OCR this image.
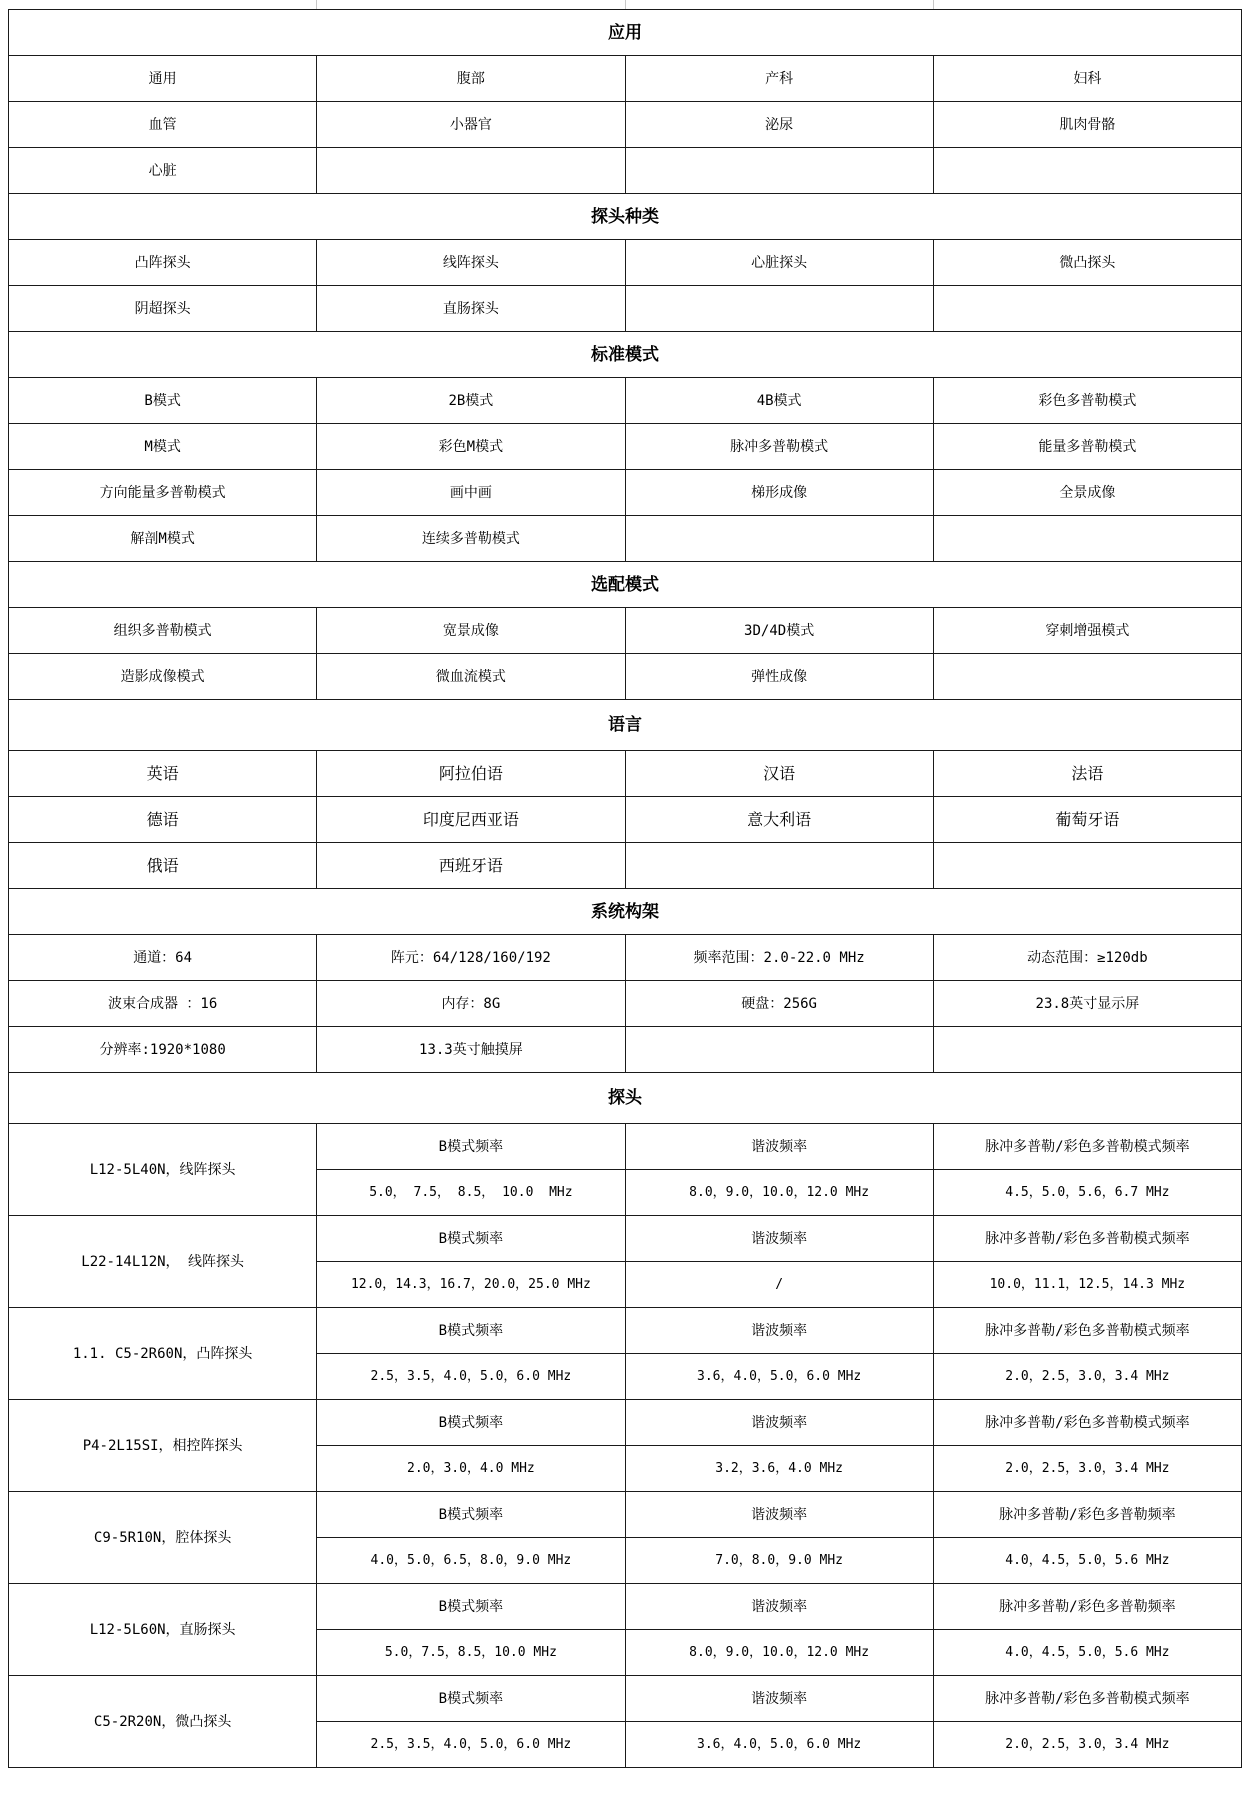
应用			
通用	腹部	产科	妇科
血管	小器官	泌尿	肌肉骨骼
心脏			
探头种类			
凸阵探头	线阵探头	心脏探头	微凸探头
阴超探头	直肠探头		
标准模式			
B模式	2B模式	4B模式	彩色多普勒模式
M模式	彩色M模式	脉冲多普勒模式	能量多普勒模式
方向能量多普勒模式	画中画	梯形成像	全景成像
解剖M模式	连续多普勒模式		
选配模式			
组织多普勒模式	宽景成像	3D/4D模式	穿刺增强模式
造影成像模式	微血流模式	弹性成像	
语言			
英语	阿拉伯语	汉语	法语
德语	印度尼西亚语	意大利语	葡萄牙语
俄语	西班牙语		
系统构架			
通道：64	阵元：64/128/160/192	频率范围：2.0-22.0 MHz	动态范围：≥120db
波束合成器 ：16	内存：8G	硬盘：256G	23.8英寸显示屏
分辨率:1920*1080	13.3英寸触摸屏		
探头			
L12-5L40N，线阵探头	B模式频率	谐波频率	脉冲多普勒/彩色多普勒模式频率
	5.0， 7.5， 8.5， 10.0  MHz	8.0，9.0，10.0，12.0 MHz	4.5，5.0，5.6，6.7 MHz
L22-14L12N， 线阵探头	B模式频率	谐波频率	脉冲多普勒/彩色多普勒模式频率
	12.0，14.3，16.7，20.0，25.0 MHz	/	10.0，11.1，12.5，14.3 MHz
1.1. C5-2R60N，凸阵探头	B模式频率	谐波频率	脉冲多普勒/彩色多普勒模式频率
	2.5，3.5，4.0，5.0，6.0 MHz	3.6，4.0，5.0，6.0 MHz	2.0，2.5，3.0，3.4 MHz
P4-2L15SI，相控阵探头	B模式频率	谐波频率	脉冲多普勒/彩色多普勒模式频率
	2.0，3.0，4.0 MHz	3.2，3.6，4.0 MHz	2.0，2.5，3.0，3.4 MHz
C9-5R10N，腔体探头	B模式频率	谐波频率	脉冲多普勒/彩色多普勒频率
	4.0，5.0，6.5，8.0，9.0 MHz	7.0，8.0，9.0 MHz	4.0，4.5，5.0，5.6 MHz
L12-5L60N，直肠探头	B模式频率	谐波频率	脉冲多普勒/彩色多普勒频率
	5.0，7.5，8.5，10.0 MHz	8.0，9.0，10.0，12.0 MHz	4.0，4.5，5.0，5.6 MHz
C5-2R20N，微凸探头	B模式频率	谐波频率	脉冲多普勒/彩色多普勒模式频率
	2.5，3.5，4.0，5.0，6.0 MHz	3.6，4.0，5.0，6.0 MHz	2.0，2.5，3.0，3.4 MHz
